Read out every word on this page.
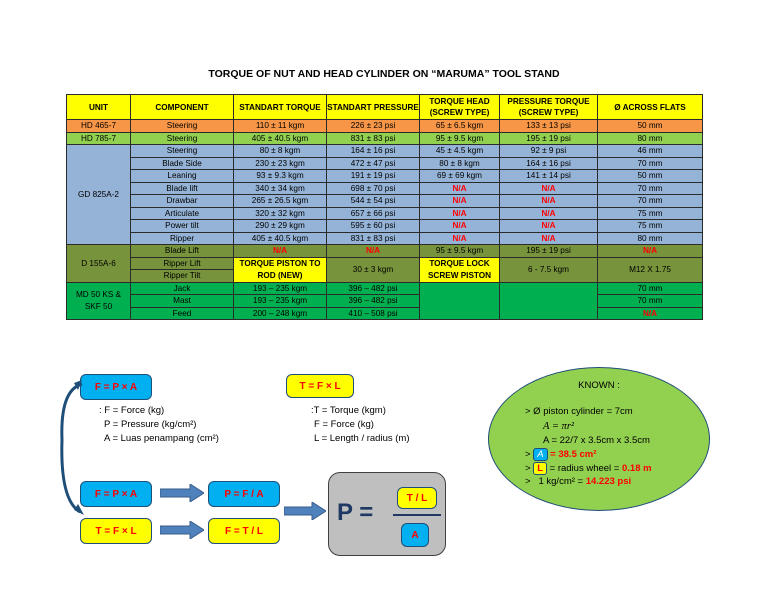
TORQUE OF NUT AND HEAD CYLINDER ON “MARUMA” TOOL STAND
UNIT	COMPONENT	STANDART TORQUE	STANDART PRESSURE	TORQUE HEAD (SCREW TYPE)	PRESSURE TORQUE (SCREW TYPE)	Ø ACROSS FLATS
HD 465-7	Steering	110 ± 11 kgm	226 ± 23 psi	65 ± 6.5 kgm	133 ± 13 psi	50 mm
HD 785-7	Steering	405 ± 40.5 kgm	831 ± 83 psi	95 ± 9.5 kgm	195 ± 19 psi	80 mm
GD 825A-2	Steering	80 ± 8 kgm	164 ± 16 psi	45 ± 4.5 kgm	92 ± 9 psi	46 mm
	Blade Side	230 ± 23 kgm	472 ± 47 psi	80 ± 8 kgm	164 ± 16 psi	70 mm
	Leaning	93 ± 9.3 kgm	191 ± 19 psi	69 ± 69 kgm	141 ± 14 psi	50 mm
	Blade lift	340 ± 34 kgm	698 ± 70 psi	N/A	N/A	70 mm
	Drawbar	265 ± 26.5 kgm	544 ± 54 psi	N/A	N/A	70 mm
	Articulate	320 ± 32 kgm	657 ± 66 psi	N/A	N/A	75 mm
	Power tilt	290 ± 29 kgm	595 ± 60 psi	N/A	N/A	75 mm
	Ripper	405 ± 40.5 kgm	831 ± 83 psi	N/A	N/A	80 mm
D 155A-6	Blade Lift	N/A	N/A	95 ± 9.5 kgm	195 ± 19 psi	N/A
	Ripper Lift	TORQUE PISTON TO ROD (NEW)	30 ± 3 kgm	TORQUE LOCK SCREW PISTON	6 - 7.5 kgm	M12 X 1.75
	Ripper Tilt					
MD 50 KS & SKF 50	Jack	193 – 235 kgm	396 – 482 psi			70 mm
	Mast	193 – 235 kgm	396 – 482 psi			70 mm
	Feed	200 – 248 kgm	410 – 508 psi			N/A
F = P × A	T = F × L
: F = Force (kg)
P = Pressure (kg/cm²)
A = Luas penampang (cm²)
:T = Torque (kgm)
F = Force (kg)
L = Length / radius (m)
F = P × A	P = F / A
T = F × L	F = T / L
P =
T / L
A
KNOWN :
> Ø piston cylinder = 7cm
A = πr²
A = 22/7 x 3.5cm x 3.5cm
> A = 38.5 cm²
> L = radius wheel = 0.18 m
>   1 kg/cm² = 14.223 psi
